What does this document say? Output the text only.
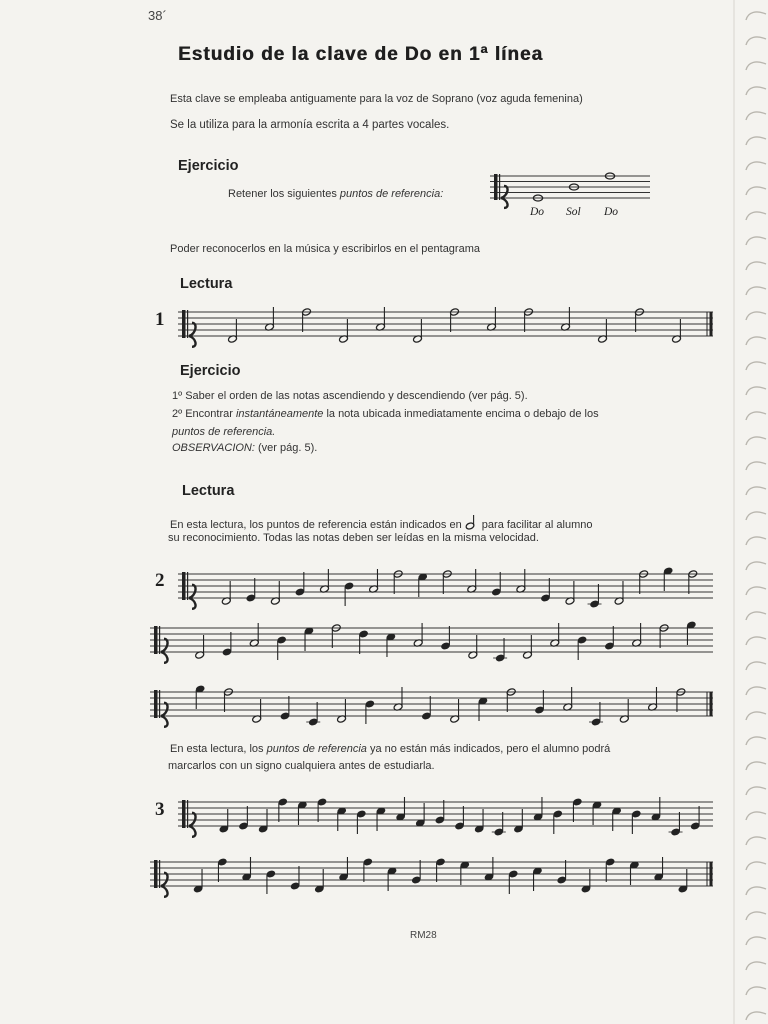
38´
Estudio de la clave de Do en 1ª línea
Esta clave se empleaba antiguamente para la voz de Soprano (voz aguda femenina)
Se la utiliza para la armonía escrita a 4 partes vocales.
Ejercicio
Retener los siguientes puntos de referencia:
Do Sol Do
Poder reconocerlos en la música y escribirlos en el pentagrama
Lectura
1
Ejercicio
1º Saber el orden de las notas ascendiendo y descendiendo (ver pág. 5).
2º Encontrar instantáneamente la nota ubicada inmediatamente encima o debajo de los
puntos de referencia.
OBSERVACION: (ver pág. 5).
Lectura
En esta lectura, los puntos de referencia están indicados en  para facilitar al alumno
su reconocimiento. Todas las notas deben ser leídas en la misma velocidad.
2
En esta lectura, los puntos de referencia ya no están más indicados, pero el alumno podrá
marcarlos con un signo cualquiera antes de estudiarla.
3
RM28
